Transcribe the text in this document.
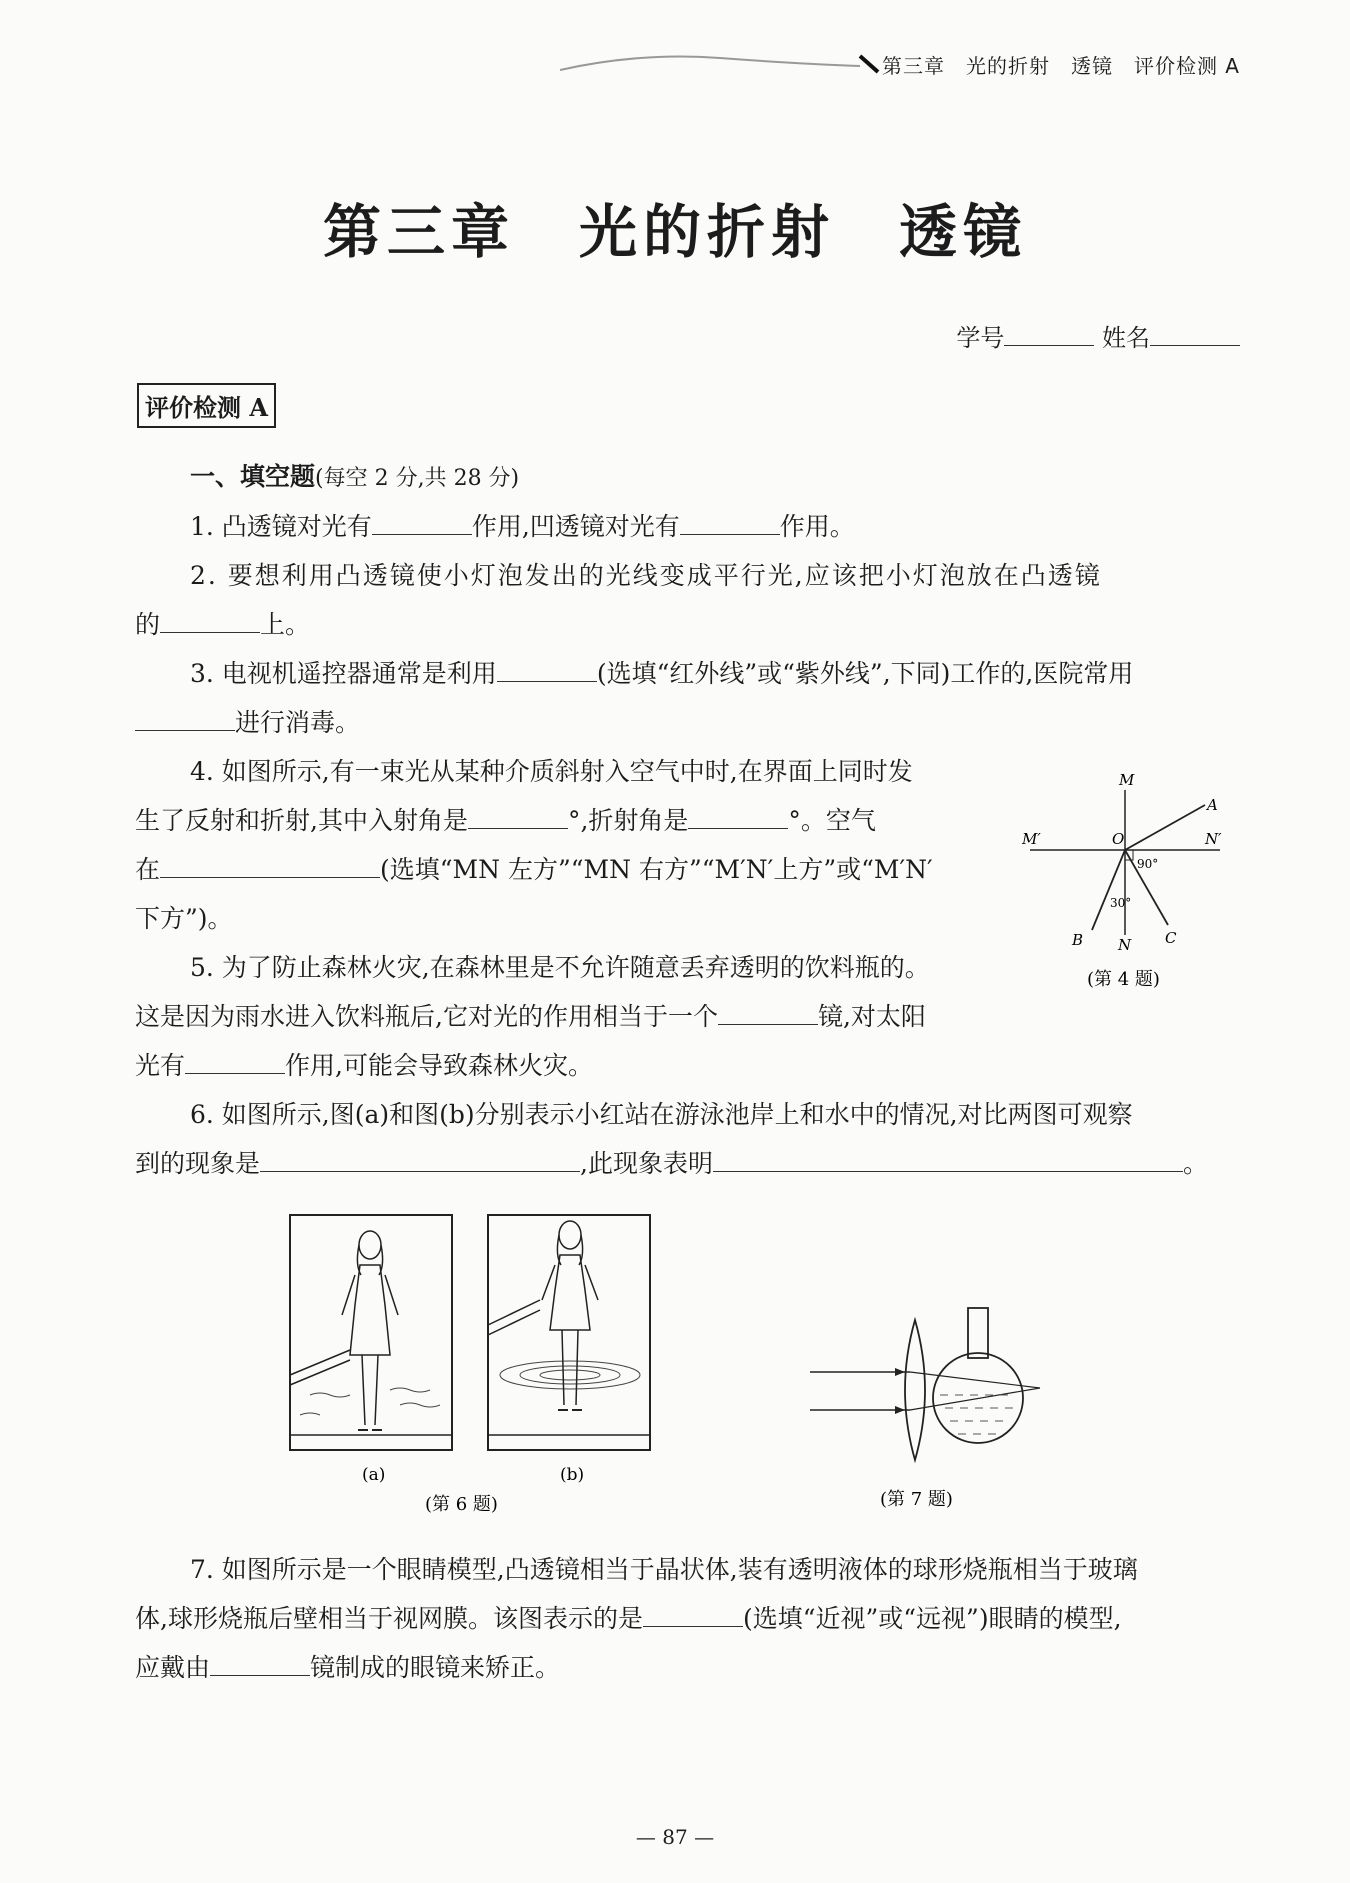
第三章　光的折射　透镜　评价检测 A
第三章　光的折射　透镜
学号	姓名
评价检测 A
一、填空题(每空 2 分,共 28 分)
1. 凸透镜对光有	作用,凹透镜对光有	作用。
2. 要想利用凸透镜使小灯泡发出的光线变成平行光,应该把小灯泡放在凸透镜
的	上。
3. 电视机遥控器通常是利用	(选填“红外线”或“紫外线”,下同)工作的,医院常用
进行消毒。
4. 如图所示,有一束光从某种介质斜射入空气中时,在界面上同时发
生了反射和折射,其中入射角是	°,折射角是	°。空气
在	(选填“MN 左方”“MN 右方”“M′N′上方”或“M′N′
下方”)。
M
A
M′	O	N′
90°
30°
B N C
(第 4 题)
5. 为了防止森林火灾,在森林里是不允许随意丢弃透明的饮料瓶的。
这是因为雨水进入饮料瓶后,它对光的作用相当于一个	镜,对太阳
光有	作用,可能会导致森林火灾。
6. 如图所示,图(a)和图(b)分别表示小红站在游泳池岸上和水中的情况,对比两图可观察
到的现象是	,此现象表明	。
(a)	(b)
(第 6 题)	(第 7 题)
7. 如图所示是一个眼睛模型,凸透镜相当于晶状体,装有透明液体的球形烧瓶相当于玻璃
体,球形烧瓶后壁相当于视网膜。该图表示的是	(选填“近视”或“远视”)眼睛的模型,
应戴由	镜制成的眼镜来矫正。
— 87 —
